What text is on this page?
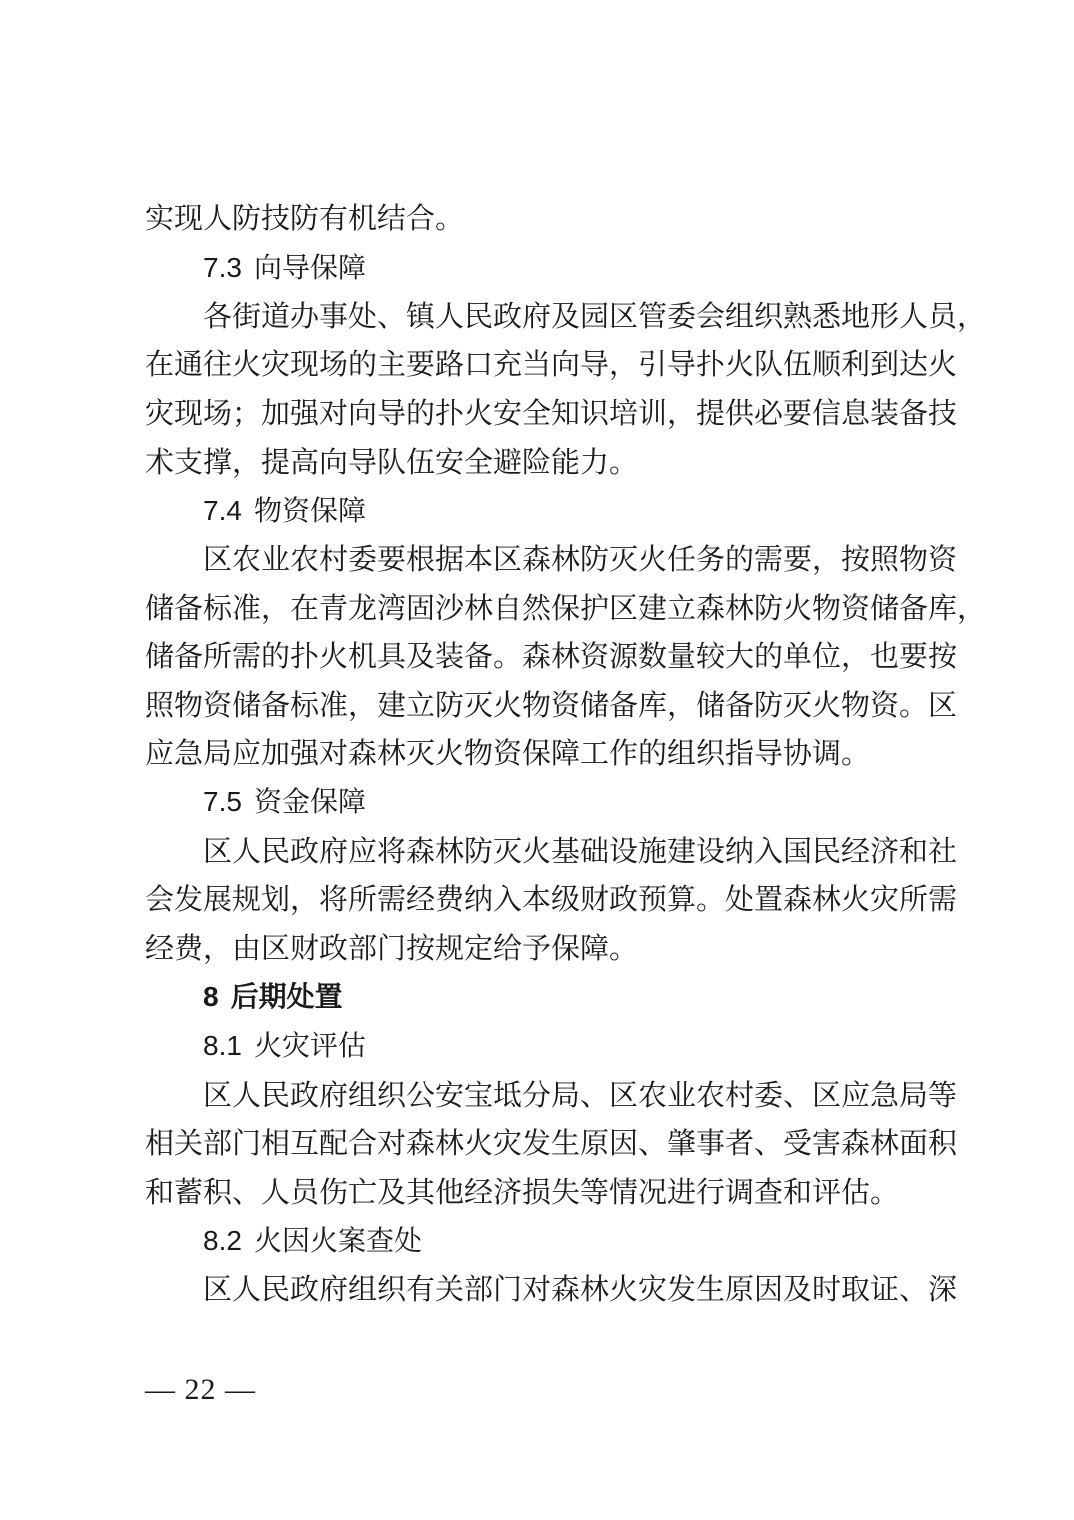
实现人防技防有机结合。
7.3 向导保障
各街道办事处、镇人民政府及园区管委会组织熟悉地形人员，
在通往火灾现场的主要路口充当向导，引导扑火队伍顺利到达火
灾现场；加强对向导的扑火安全知识培训，提供必要信息装备技
术支撑，提高向导队伍安全避险能力。
7.4 物资保障
区农业农村委要根据本区森林防灭火任务的需要，按照物资
储备标准，在青龙湾固沙林自然保护区建立森林防火物资储备库，
储备所需的扑火机具及装备。森林资源数量较大的单位，也要按
照物资储备标准，建立防灭火物资储备库，储备防灭火物资。区
应急局应加强对森林灭火物资保障工作的组织指导协调。
7.5 资金保障
区人民政府应将森林防灭火基础设施建设纳入国民经济和社
会发展规划，将所需经费纳入本级财政预算。处置森林火灾所需
经费，由区财政部门按规定给予保障。
8 后期处置
8.1 火灾评估
区人民政府组织公安宝坻分局、区农业农村委、区应急局等
相关部门相互配合对森林火灾发生原因、肇事者、受害森林面积
和蓄积、人员伤亡及其他经济损失等情况进行调查和评估。
8.2 火因火案查处
区人民政府组织有关部门对森林火灾发生原因及时取证、深
— 22 —
